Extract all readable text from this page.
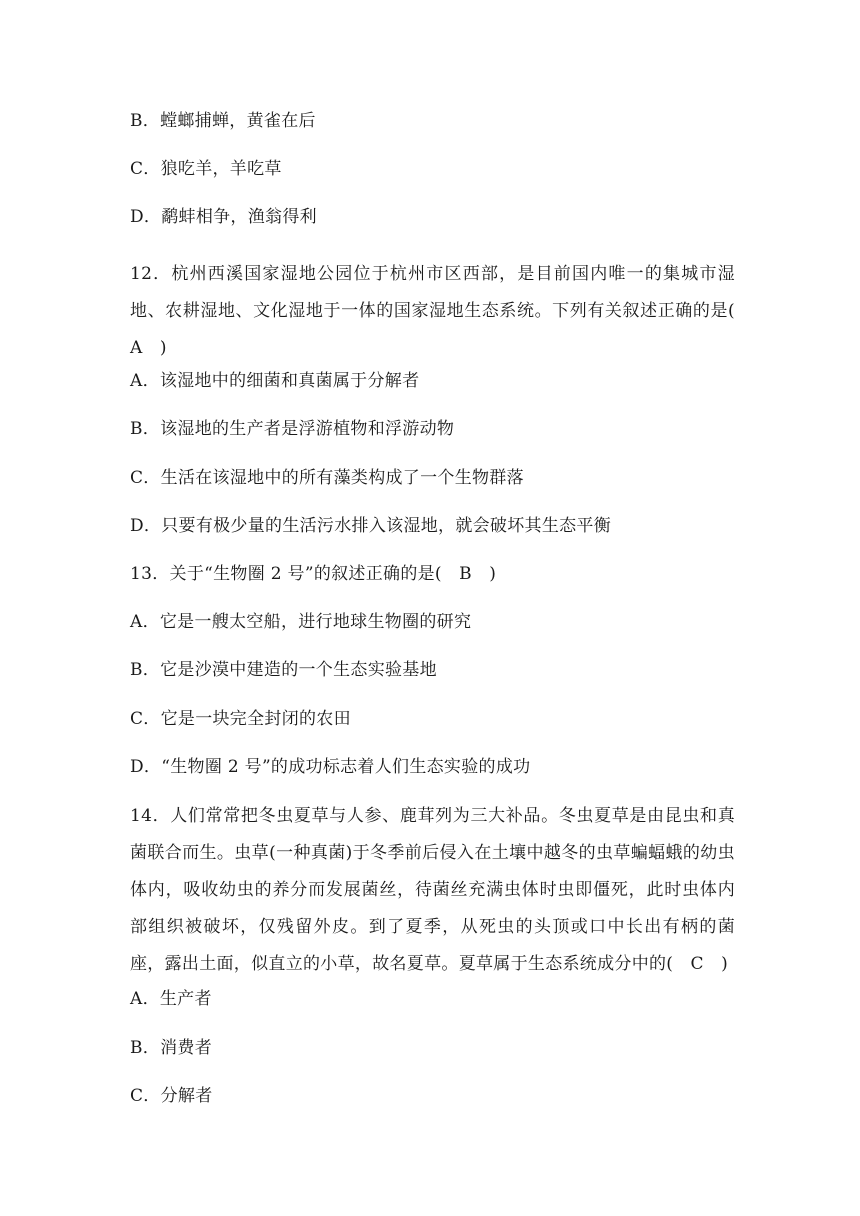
B．螳螂捕蝉，黄雀在后
C．狼吃羊，羊吃草
D．鹬蚌相争，渔翁得利
12．杭州西溪国家湿地公园位于杭州市区西部，是目前国内唯一的集城市湿地、农耕湿地、文化湿地于一体的国家湿地生态系统。下列有关叙述正确的是(　A　)
A．该湿地中的细菌和真菌属于分解者
B．该湿地的生产者是浮游植物和浮游动物
C．生活在该湿地中的所有藻类构成了一个生物群落
D．只要有极少量的生活污水排入该湿地，就会破坏其生态平衡
13．关于“生物圈 2 号”的叙述正确的是(　B　)
A．它是一艘太空船，进行地球生物圈的研究
B．它是沙漠中建造的一个生态实验基地
C．它是一块完全封闭的农田
D．“生物圈 2 号”的成功标志着人们生态实验的成功
14．人们常常把冬虫夏草与人参、鹿茸列为三大补品。冬虫夏草是由昆虫和真菌联合而生。虫草(一种真菌)于冬季前后侵入在土壤中越冬的虫草蝙蝠蛾的幼虫体内，吸收幼虫的养分而发展菌丝，待菌丝充满虫体时虫即僵死，此时虫体内部组织被破坏，仅残留外皮。到了夏季，从死虫的头顶或口中长出有柄的菌座，露出土面，似直立的小草，故名夏草。夏草属于生态系统成分中的(　C　)
A．生产者
B．消费者
C．分解者
